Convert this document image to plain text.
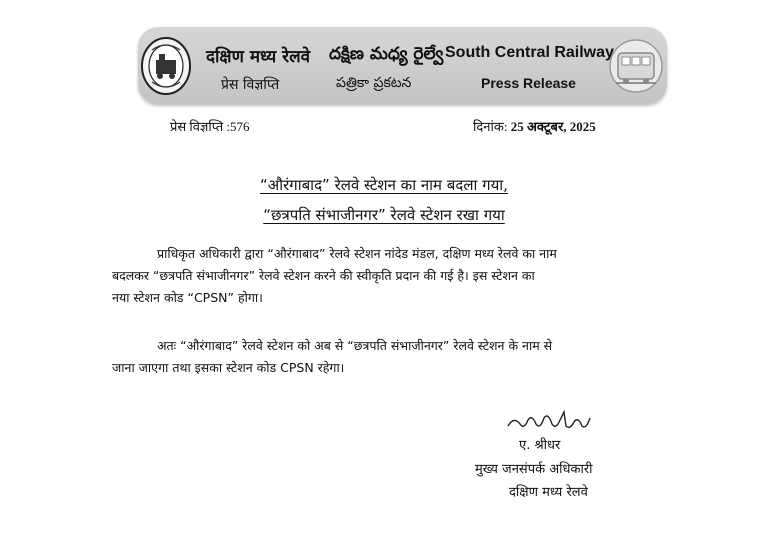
दक्षिण मध्य रेलवे దక్షిణ మధ్య రైల్వే South Central Railway
प्रेस विज्ञप्ति	పత్రికా ప్రకటన	Press Release
प्रेस विज्ञप्ति :576	दिनांक: 25 अक्टूबर, 2025
“औरंगाबाद” रेलवे स्टेशन का नाम बदला गया,
“छत्रपति संभाजीनगर” रेलवे स्टेशन रखा गया
प्राधिकृत अधिकारी द्वारा “औरंगाबाद” रेलवे स्टेशन नांदेड मंडल, दक्षिण मध्य रेलवे का नाम
बदलकर “छत्रपति संभाजीनगर” रेलवे स्टेशन करने की स्वीकृति प्रदान की गई है। इस स्टेशन का
नया स्टेशन कोड “CPSN” होगा।
अतः “औरंगाबाद” रेलवे स्टेशन को अब से “छत्रपति संभाजीनगर” रेलवे स्टेशन के नाम से
जाना जाएगा तथा इसका स्टेशन कोड CPSN रहेगा।
ए. श्रीधर
मुख्य जनसंपर्क अधिकारी
दक्षिण मध्य रेलवे
